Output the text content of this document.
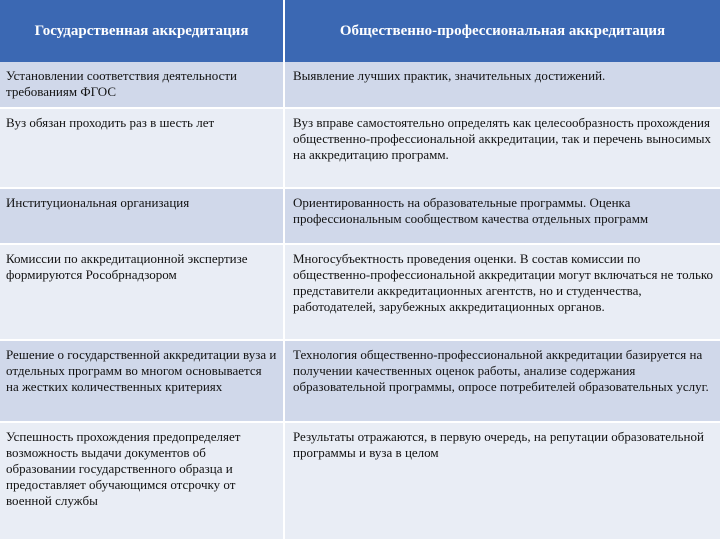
Государственная аккредитация	Общественно-профессиональная аккредитация
Установлении соответствия деятельности требованиям ФГОС	Выявление лучших практик, значительных достижений.
Вуз обязан проходить раз в шесть лет	Вуз вправе самостоятельно определять как целесообразность прохождения общественно-профессиональной аккредитации, так и перечень выносимых на аккредитацию программ.
Институциональная организация	Ориентированность на образовательные программы. Оценка профессиональным сообществом качества отдельных программ
Комиссии по аккредитационной экспертизе формируются Рособрнадзором	Многосубъектность проведения оценки. В состав комиссии по общественно-профессиональной аккредитации могут включаться не только представители аккредитационных агентств, но и студенчества, работодателей, зарубежных аккредитационных органов.
Решение о государственной аккредитации вуза и отдельных программ во многом основывается на жестких количественных критериях	Технология общественно-профессиональной аккредитации базируется на получении качественных оценок работы, анализе содержания образовательной программы, опросе потребителей образовательных услуг.
Успешность прохождения предопределяет возможность выдачи документов об образовании государственного образца и предоставляет обучающимся отсрочку от военной службы	Результаты отражаются, в первую очередь, на репутации образовательной программы и вуза в целом
